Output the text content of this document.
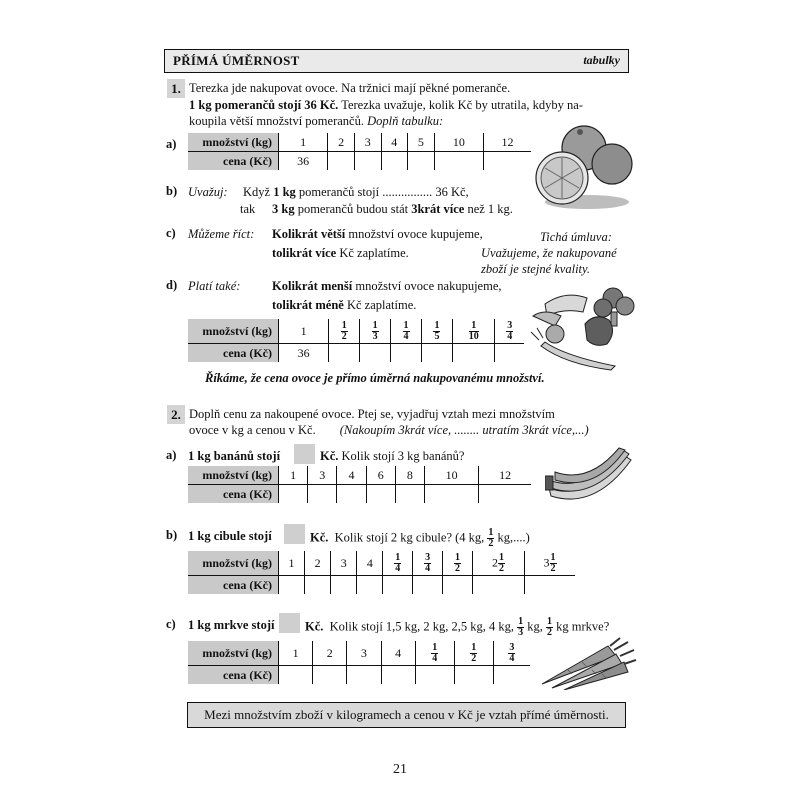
PŘÍMÁ ÚMĚRNOST	tabulky
1. Terezka jde nakupovat ovoce. Na tržnici mají pěkné pomeranče.
1 kg pomerančů stojí 36 Kč. Terezka uvažuje, kolik Kč by utratila, kdyby na-
koupila větší množství pomerančů. Doplň tabulku:
a) množství (kg)	1	2	3	4	5	10	12
cena (Kč)	36						
b) Uvažuj: Když 1 kg pomerančů stojí ................ 36 Kč,
tak 3 kg pomerančů budou stát 3krát více než 1 kg.
c) Můžeme říct: Kolikrát větší množství ovoce kupujeme,
tolikrát více Kč zaplatíme.
Tichá úmluva:
Uvažujeme, že nakupované
zboží je stejné kvality.
d) Platí také:	Kolikrát menší množství ovoce nakupujeme,
tolikrát méně Kč zaplatíme.
množství (kg)	1	$\frac{1}{2}$	$\frac{1}{3}$	$\frac{1}{4}$	$\frac{1}{5}$	$\frac{1}{10}$	$\frac{3}{4}$

cena (Kč)	36						
Říkáme, že cena ovoce je přímo úměrná nakupovanému množství.
2. Doplň cenu za nakoupené ovoce. Ptej se, vyjadřuj vztah mezi množstvím
ovoce v kg a cenou v Kč. (Nakoupím 3krát více, ........ utratím 3krát více,...)
a) 1 kg banánů stojí	Kč. Kolik stojí 3 kg banánů?
množství (kg)	1	3	4	6	8	10	12
cena (Kč)							
b) 1 kg cibule stojí	Kč. Kolik stojí 2 kg cibule? (4 kg, $\frac{1}{2} kg$,....)
množství (kg)	1	2	3	4	$\frac{1}{4}$	$\frac{3}{4}$	$\frac{1}{2}$	$2 \frac{1}{2}$	$3 \frac{1}{2}$

cena (Kč)									
c) 1 kg mrkve stojí Kč. Kolik stojí 1,5 kg, 2 kg, 2,5 kg, 4 kg, $\frac{1}{3}$ kg, $\frac{1}{2}$ kg mrkve?
množství (kg)	1	2	3	4	$\frac{1}{4}$	$\frac{1}{2}$	$\frac{3}{4}$

cena (Kč)							
Mezi množstvím zboží v kilogramech a cenou v Kč je vztah přímé úměrnosti.
21
